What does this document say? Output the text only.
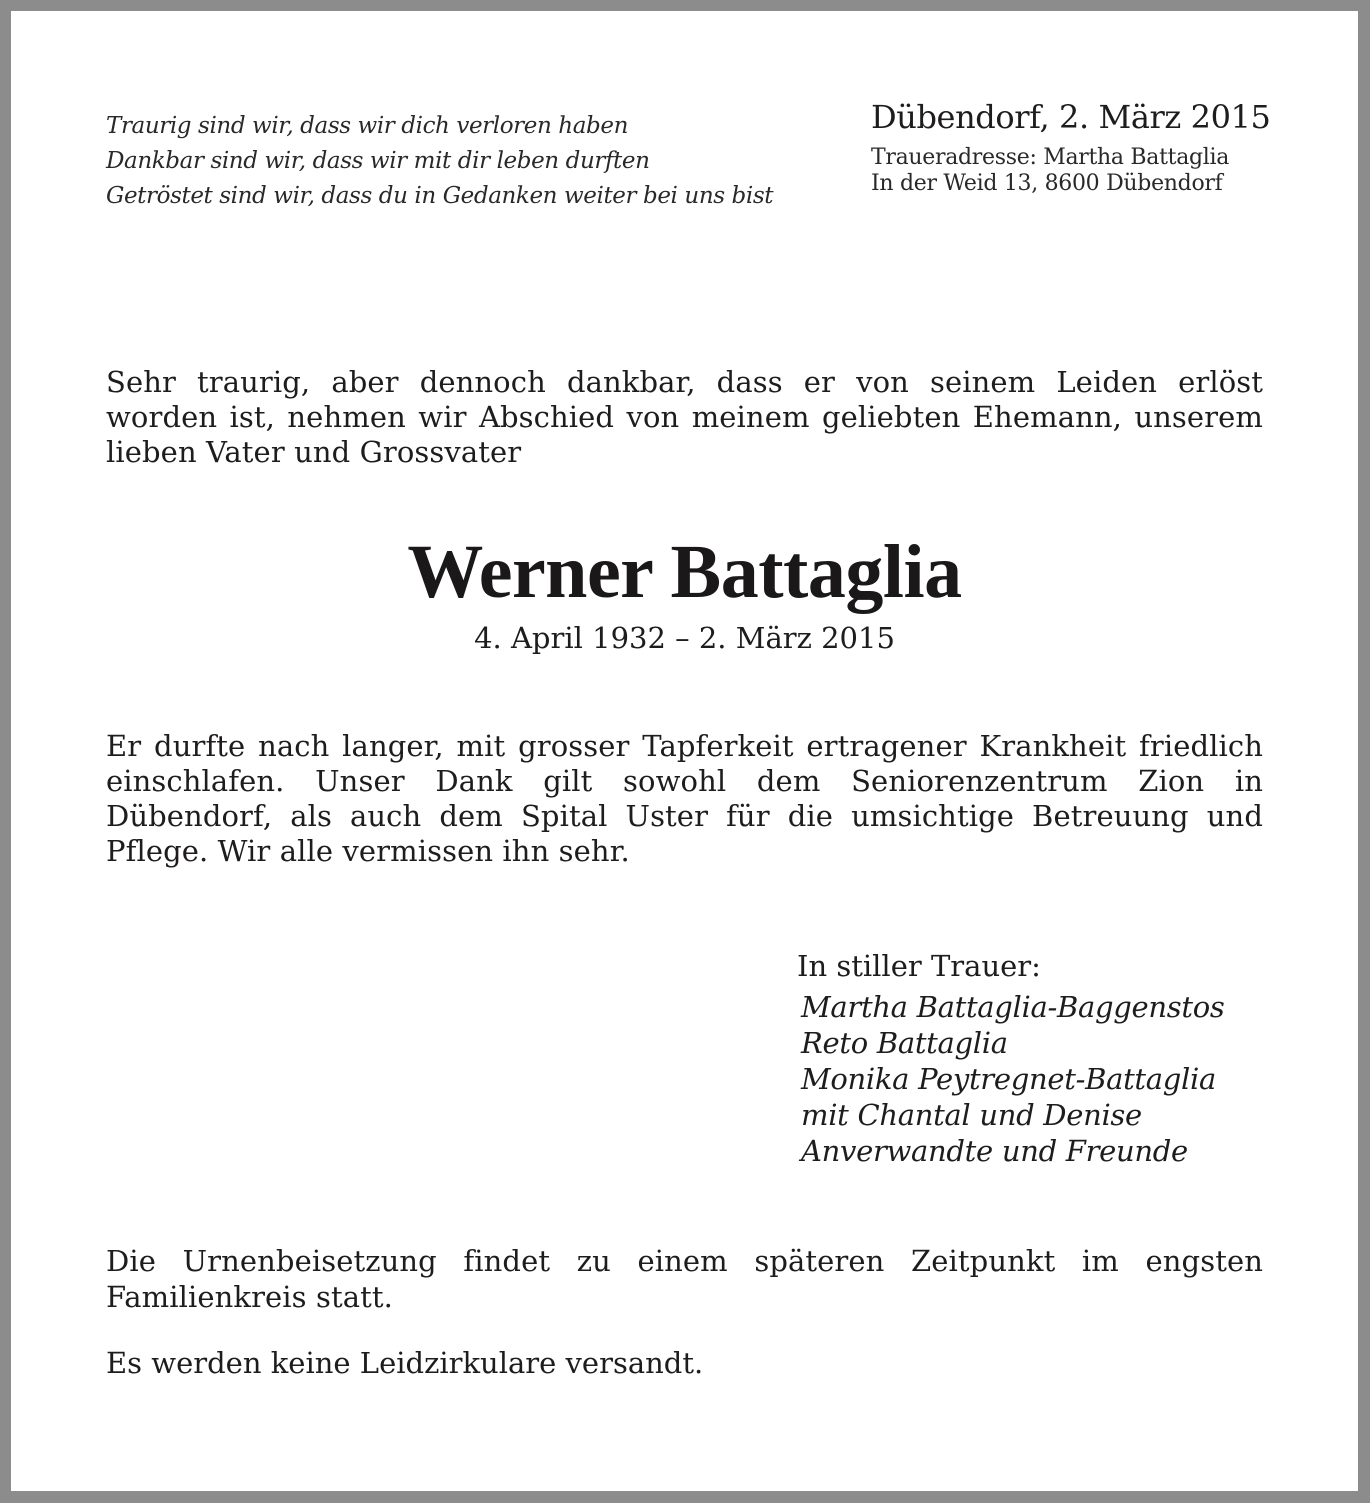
Traurig sind wir, dass wir dich verloren haben
Dankbar sind wir, dass wir mit dir leben durften
Getröstet sind wir, dass du in Gedanken weiter bei uns bist
Dübendorf, 2. März 2015
Traueradresse: Martha Battaglia
In der Weid 13, 8600 Dübendorf
Sehr traurig, aber dennoch dankbar, dass er von seinem Leiden erlöst worden ist, nehmen wir Abschied von meinem geliebten Ehemann, unserem lieben Vater und Grossvater
Werner Battaglia
4. April 1932 – 2. März 2015
Er durfte nach langer, mit grosser Tapferkeit ertragener Krankheit friedlich einschlafen. Unser Dank gilt sowohl dem Seniorenzentrum Zion in Dübendorf, als auch dem Spital Uster für die umsichtige Betreuung und Pflege. Wir alle vermissen ihn sehr.
In stiller Trauer:
Martha Battaglia-Baggenstos
Reto Battaglia
Monika Peytregnet-Battaglia
mit Chantal und Denise
Anverwandte und Freunde
Die Urnenbeisetzung findet zu einem späteren Zeitpunkt im engsten Familienkreis statt.
Es werden keine Leidzirkulare versandt.
